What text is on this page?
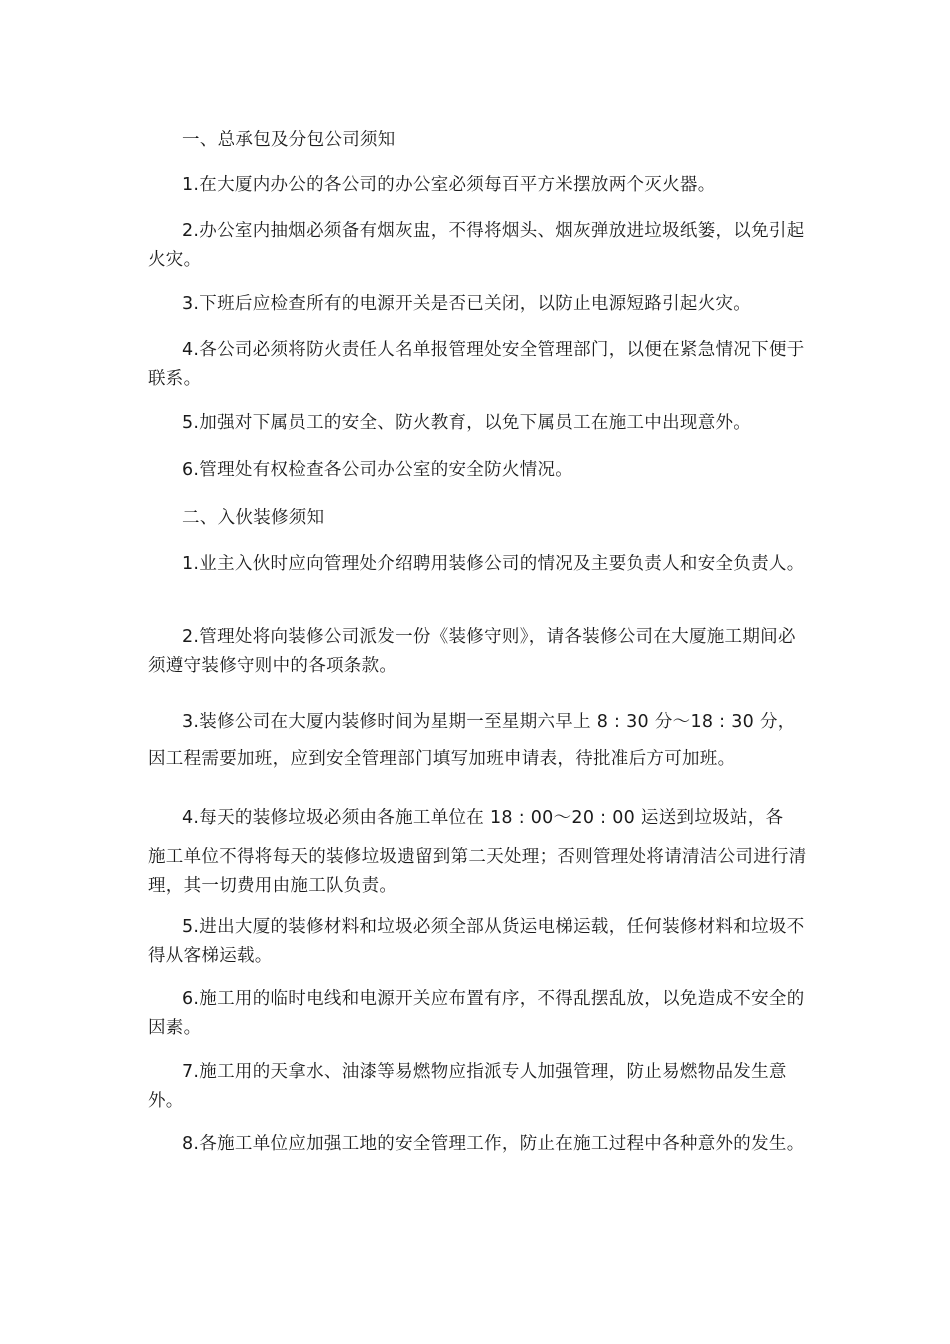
一、总承包及分包公司须知

1.在大厦内办公的各公司的办公室必须每百平方米摆放两个灭火器。

2.办公室内抽烟必须备有烟灰盅，不得将烟头、烟灰弹放进垃圾纸篓，以免引起火灾。

3.下班后应检查所有的电源开关是否已关闭，以防止电源短路引起火灾。

4.各公司必须将防火责任人名单报管理处安全管理部门，以便在紧急情况下便于联系。

5.加强对下属员工的安全、防火教育，以免下属员工在施工中出现意外。

6.管理处有权检查各公司办公室的安全防火情况。

二、入伙装修须知

1.业主入伙时应向管理处介绍聘用装修公司的情况及主要负责人和安全负责人。

2.管理处将向装修公司派发一份《装修守则》，请各装修公司在大厦施工期间必须遵守装修守则中的各项条款。

3.装修公司在大厦内装修时间为星期一至星期六早上 8 : 30 分～18 : 30 分，

因工程需要加班，应到安全管理部门填写加班申请表，待批准后方可加班。

4.每天的装修垃圾必须由各施工单位在 18 : 00～20 : 00 运送到垃圾站，各

施工单位不得将每天的装修垃圾遗留到第二天处理；否则管理处将请清洁公司进行清理，其一切费用由施工队负责。

5.进出大厦的装修材料和垃圾必须全部从货运电梯运载，任何装修材料和垃圾不得从客梯运载。

6.施工用的临时电线和电源开关应布置有序，不得乱摆乱放，以免造成不安全的因素。

7.施工用的天拿水、油漆等易燃物应指派专人加强管理，防止易燃物品发生意外。

8.各施工单位应加强工地的安全管理工作，防止在施工过程中各种意外的发生。
